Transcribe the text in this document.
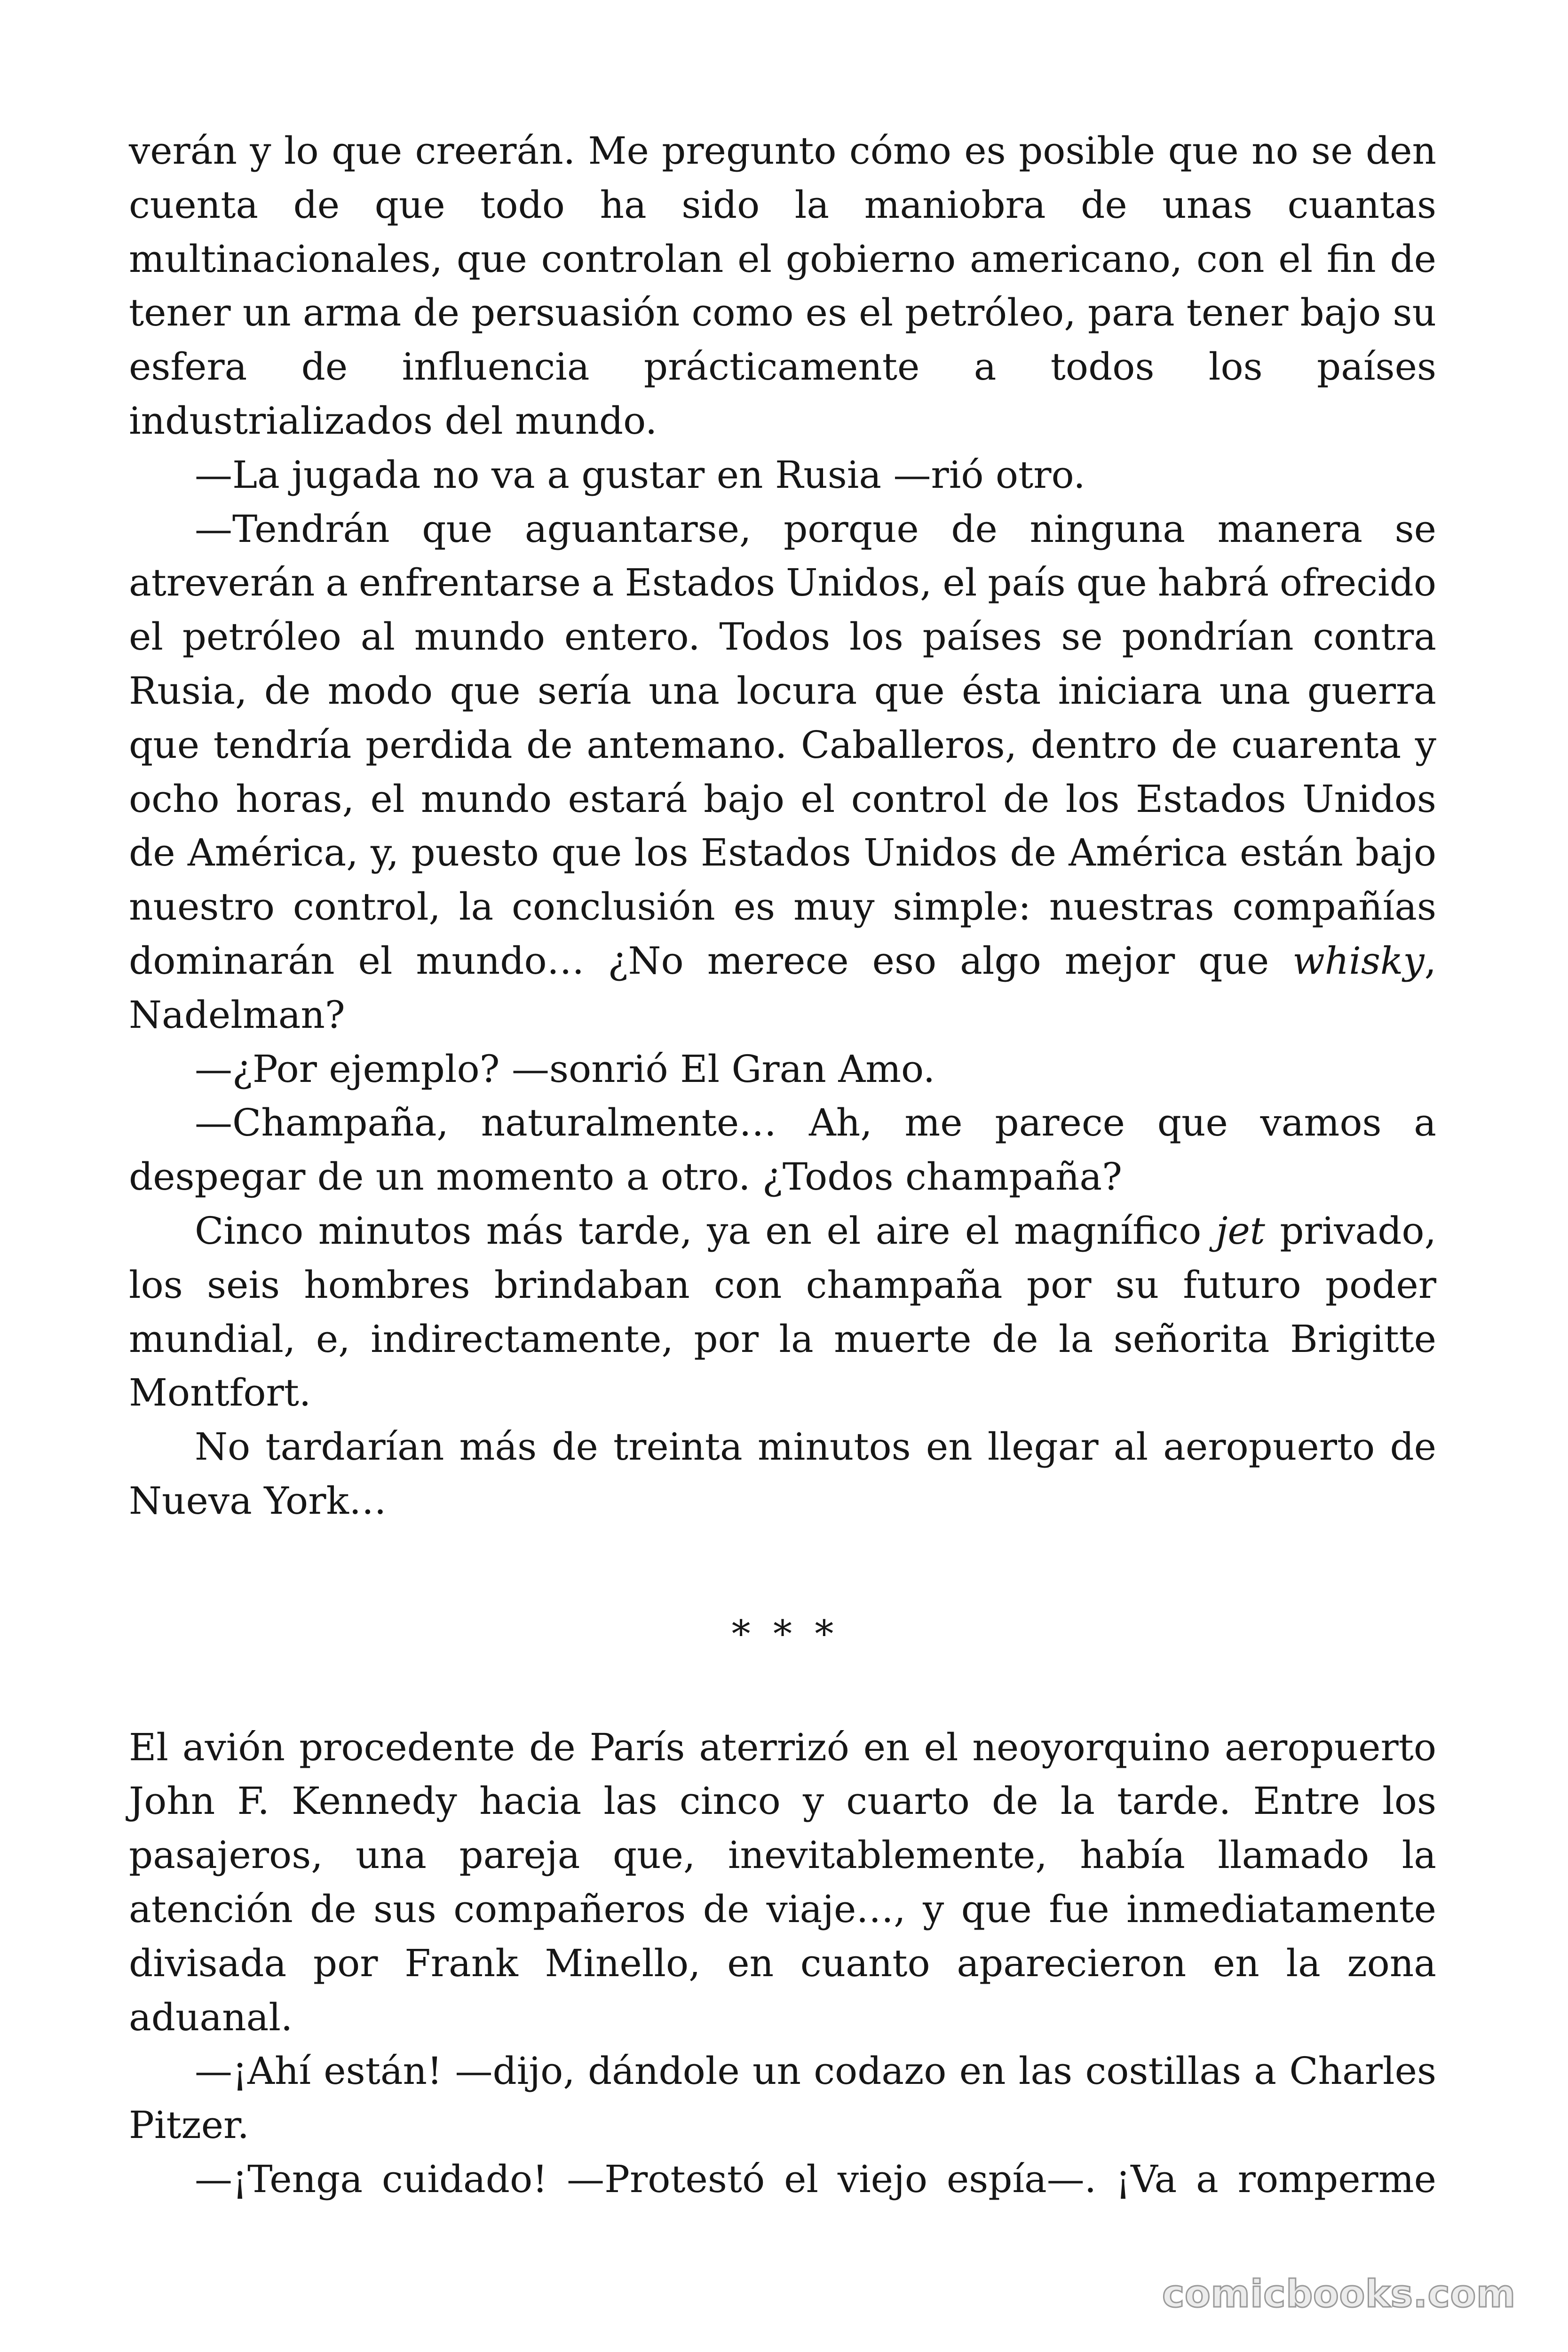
verán y lo que creerán. Me pregunto cómo es posible que no se den
cuenta de que todo ha sido la maniobra de unas cuantas
multinacionales, que controlan el gobierno americano, con el fin de
tener un arma de persuasión como es el petróleo, para tener bajo su
esfera de influencia prácticamente a todos los países
industrializados del mundo.
—La jugada no va a gustar en Rusia —rió otro.
—Tendrán que aguantarse, porque de ninguna manera se
atreverán a enfrentarse a Estados Unidos, el país que habrá ofrecido
el petróleo al mundo entero. Todos los países se pondrían contra
Rusia, de modo que sería una locura que ésta iniciara una guerra
que tendría perdida de antemano. Caballeros, dentro de cuarenta y
ocho horas, el mundo estará bajo el control de los Estados Unidos
de América, y, puesto que los Estados Unidos de América están bajo
nuestro control, la conclusión es muy simple: nuestras compañías
dominarán el mundo… ¿No merece eso algo mejor que whisky,
Nadelman?
—¿Por ejemplo? —sonrió El Gran Amo.
—Champaña, naturalmente… Ah, me parece que vamos a
despegar de un momento a otro. ¿Todos champaña?
Cinco minutos más tarde, ya en el aire el magnífico jet privado,
los seis hombres brindaban con champaña por su futuro poder
mundial, e, indirectamente, por la muerte de la señorita Brigitte
Montfort.
No tardarían más de treinta minutos en llegar al aeropuerto de
Nueva York…
* * *
El avión procedente de París aterrizó en el neoyorquino aeropuerto
John F. Kennedy hacia las cinco y cuarto de la tarde. Entre los
pasajeros, una pareja que, inevitablemente, había llamado la
atención de sus compañeros de viaje…, y que fue inmediatamente
divisada por Frank Minello, en cuanto aparecieron en la zona
aduanal.
—¡Ahí están! —dijo, dándole un codazo en las costillas a Charles
Pitzer.
—¡Tenga cuidado! —Protestó el viejo espía—. ¡Va a romperme
comicbooks.com
